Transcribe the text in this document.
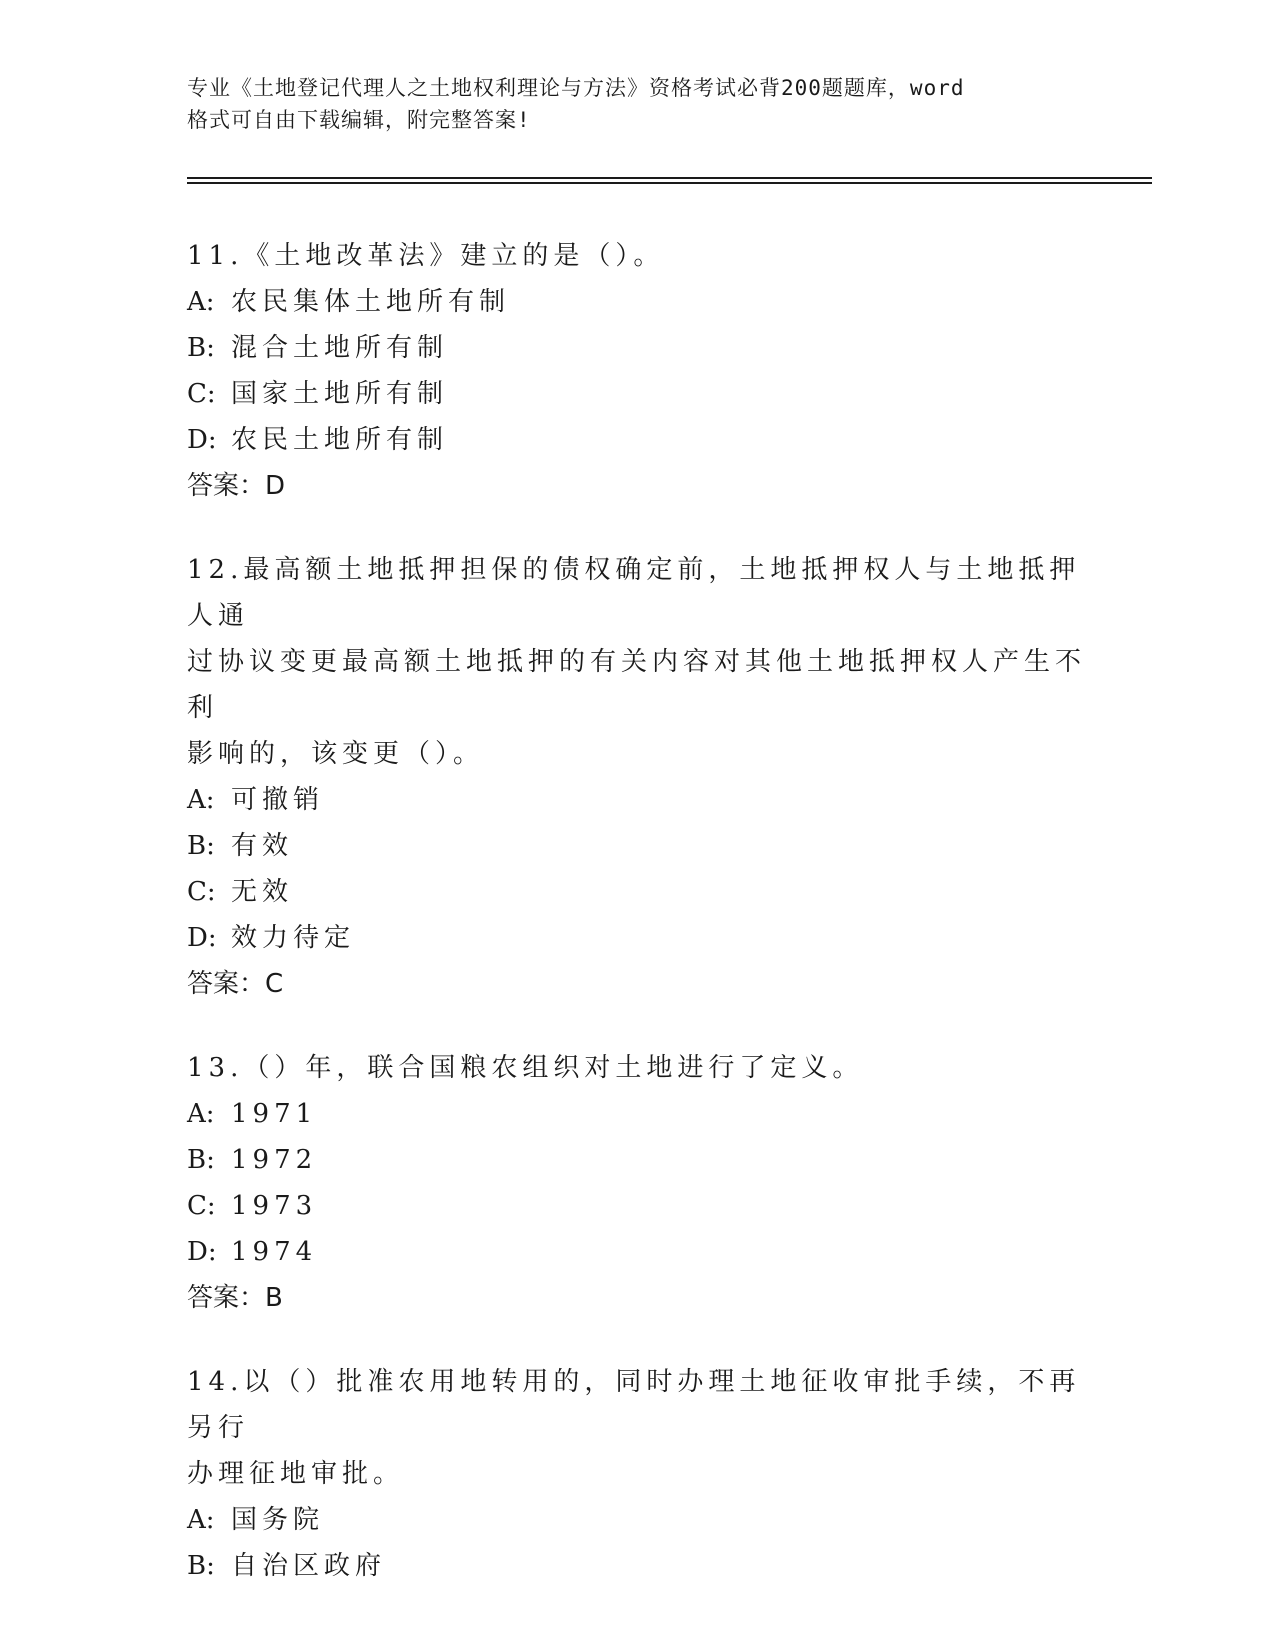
专业《土地登记代理人之土地权利理论与方法》资格考试必背200题题库，word
格式可自由下载编辑，附完整答案!
11.《土地改革法》建立的是（）。
A: 农民集体土地所有制
B: 混合土地所有制
C: 国家土地所有制
D: 农民土地所有制
答案：D
12.最高额土地抵押担保的债权确定前，土地抵押权人与土地抵押人通
过协议变更最高额土地抵押的有关内容对其他土地抵押权人产生不利
影响的，该变更（）。
A: 可撤销
B: 有效
C: 无效
D: 效力待定
答案：C
13.（）年，联合国粮农组织对土地进行了定义。
A: 1971
B: 1972
C: 1973
D: 1974
答案：B
14.以（）批准农用地转用的，同时办理土地征收审批手续，不再另行
办理征地审批。
A: 国务院
B: 自治区政府
